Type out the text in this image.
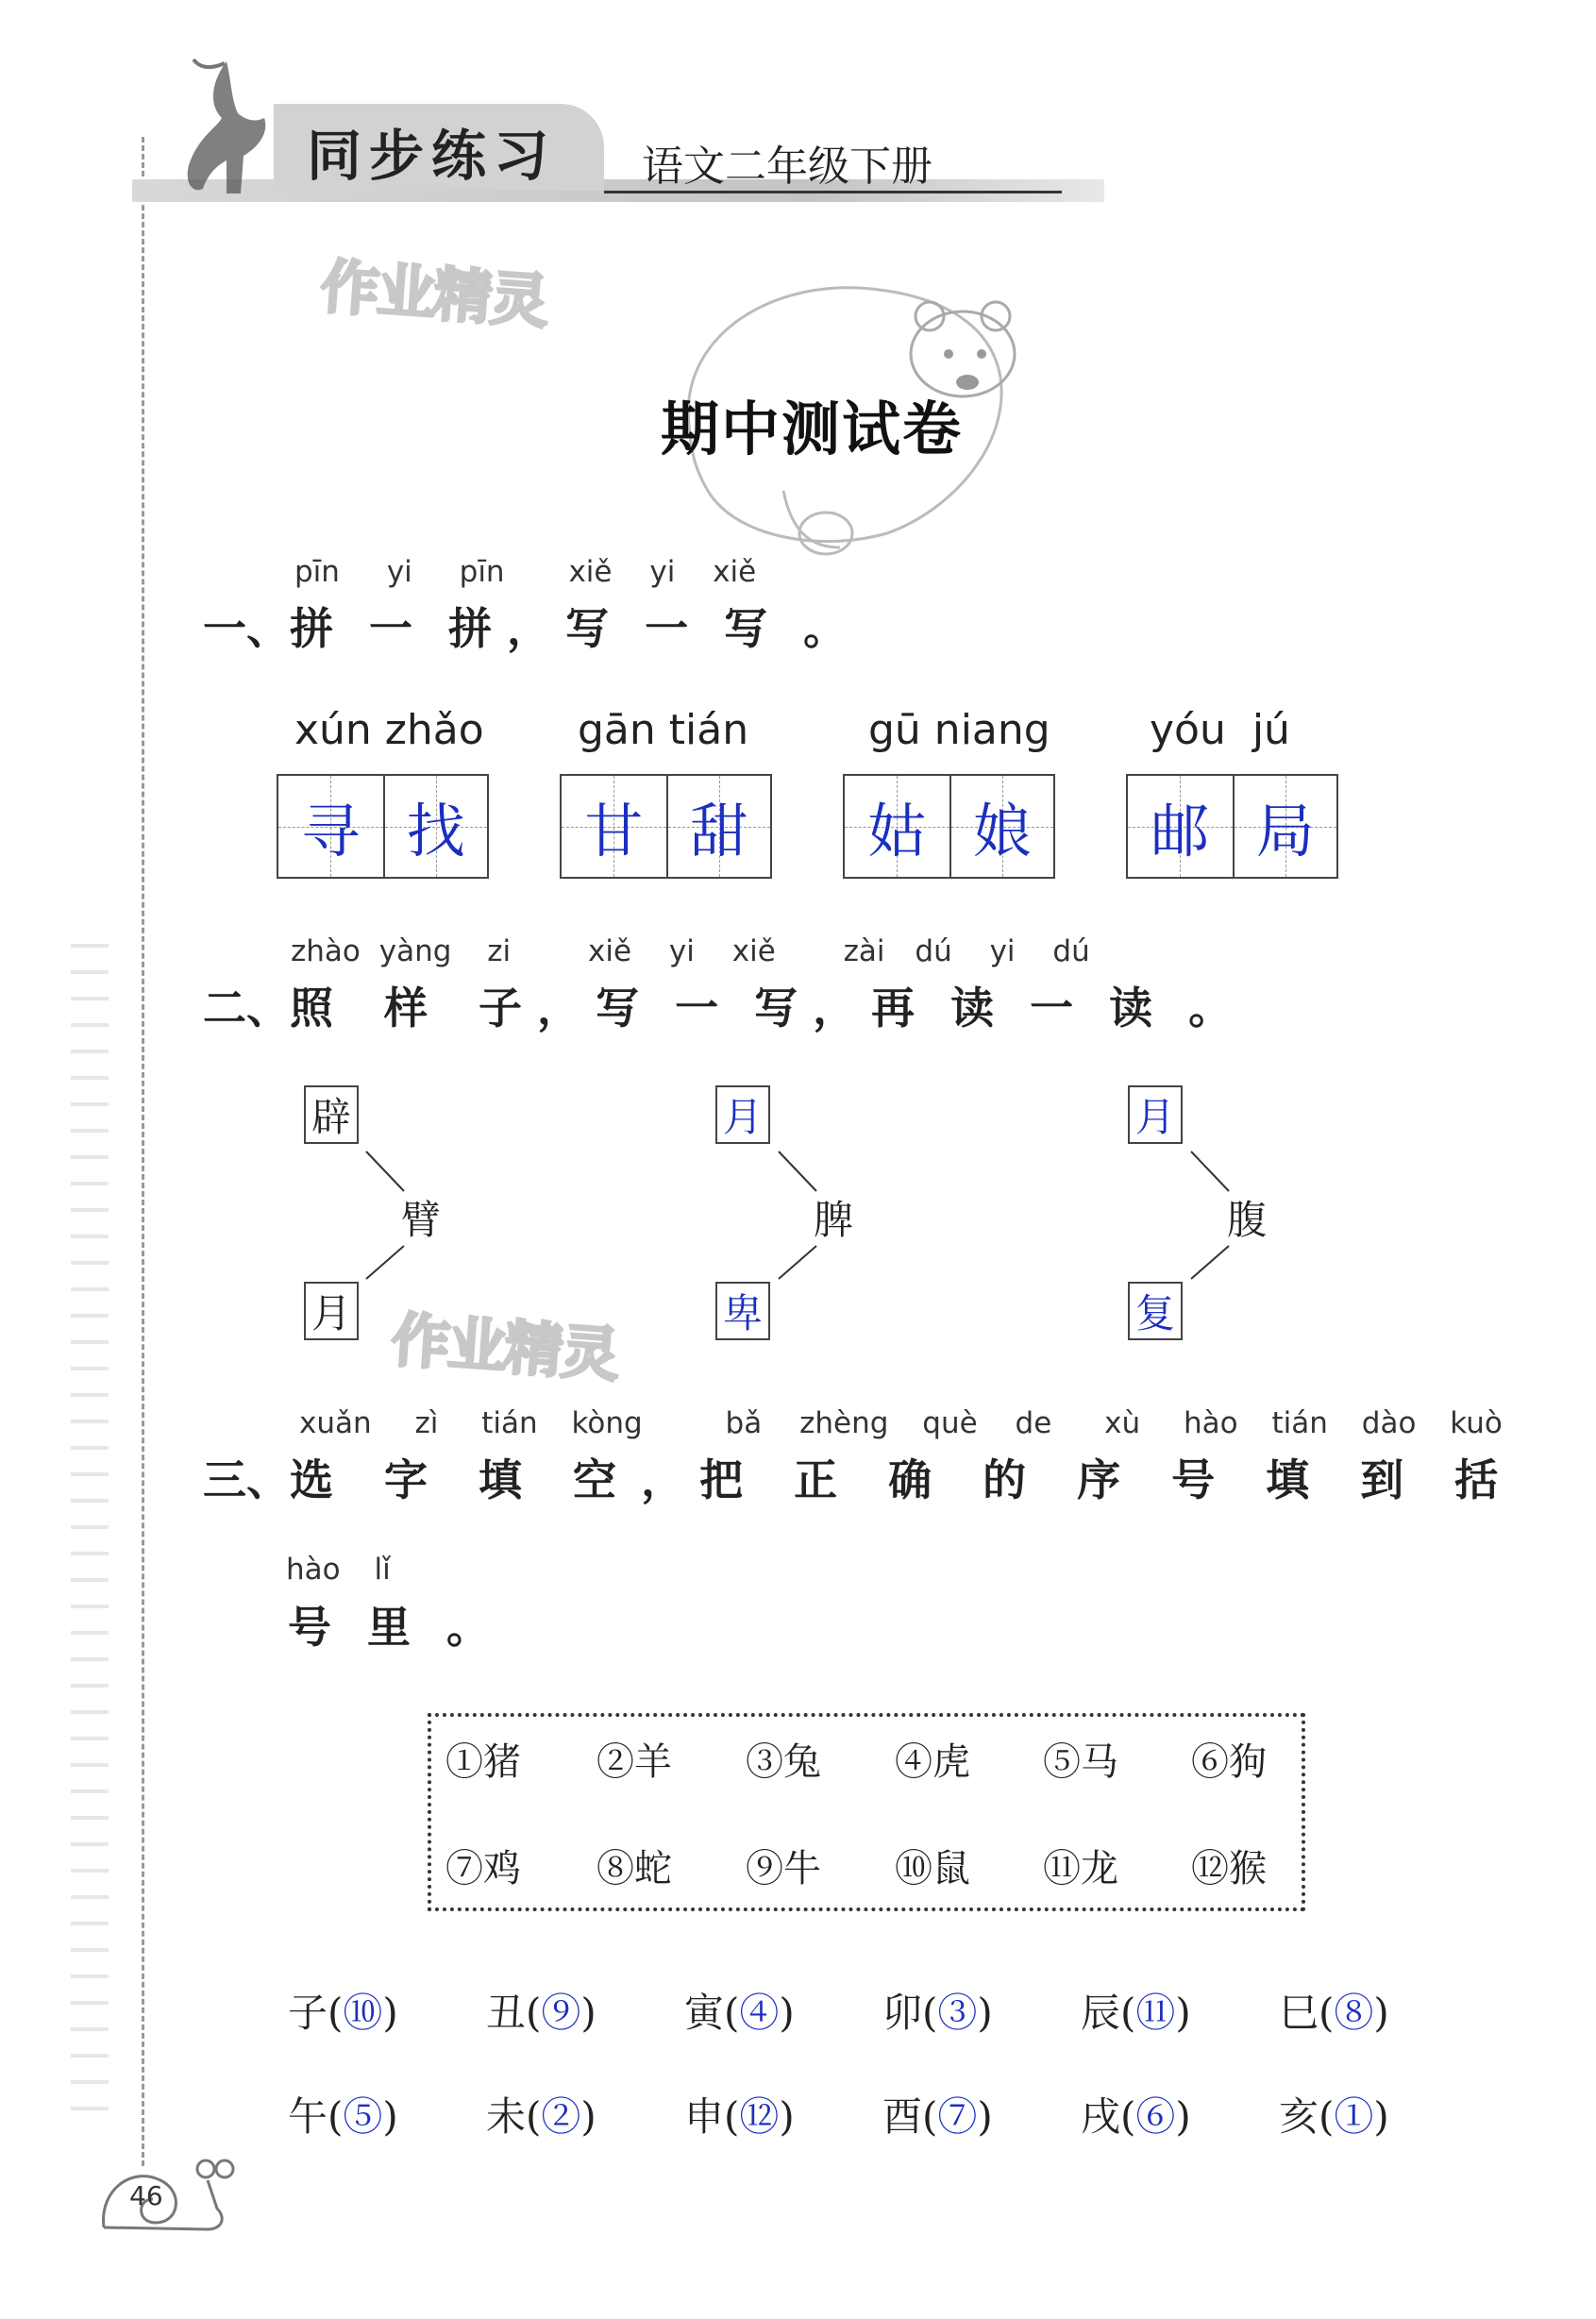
同步练习 语文二年级下册
作业精灵
期中测试卷
pīn yi pīn xiě yi xiě
一、拼 一 拼 ， 写 一 写 。
xún zhǎo gān tián	gū niang yóu  jú
寻 找 甘 甜 姑 娘 邮 局
zhào yàng zi	xiě yi xiě zài dú yi dú
二、照 样 子 ， 写 一 写 ， 再 读 一 读 。
辟
月
臂
月
卑
脾
月
复
腹
作业精灵
xuǎn zì tián kòng	bǎ zhèng què de xù hào tián dào kuò
三、选 字 填 空 ， 把 正 确 的 序 号 填 到 括
hào lǐ
号 里 。
①猪 ②羊 ③兔 ④虎 ⑤马 ⑥狗
⑦鸡 ⑧蛇 ⑨牛 ⑩鼠 ⑪龙 ⑫猴
子(⑩) 丑(⑨) 寅(④) 卯(③) 辰(⑪) 巳(⑧)
午(⑤) 未(②) 申(⑫) 酉(⑦) 戌(⑥) 亥(①)
46
